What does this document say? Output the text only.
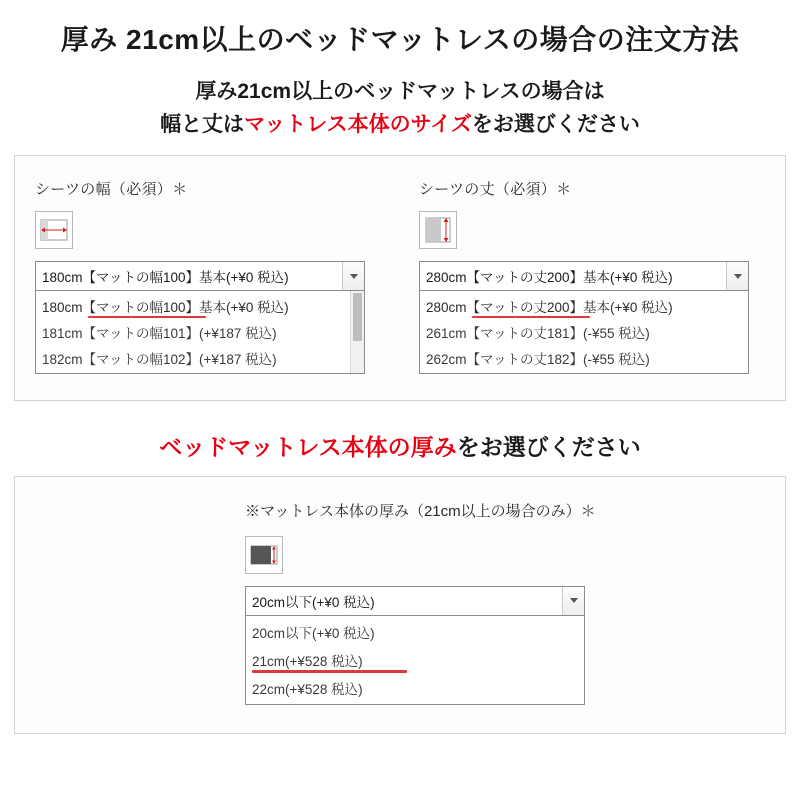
厚み 21cm以上のベッドマットレスの場合の注文方法
厚み21cm以上のベッドマットレスの場合は
幅と丈はマットレス本体のサイズをお選びください
シーツの幅（必須）＊
180cm【マットの幅100】基本(+¥0 税込)
180cm【マットの幅100】基本(+¥0 税込)
181cm【マットの幅101】(+¥187 税込)
182cm【マットの幅102】(+¥187 税込)
シーツの丈（必須）＊
280cm【マットの丈200】基本(+¥0 税込)
280cm【マットの丈200】基本(+¥0 税込)
261cm【マットの丈181】(-¥55 税込)
262cm【マットの丈182】(-¥55 税込)
ベッドマットレス本体の厚みをお選びください
※マットレス本体の厚み（21cm以上の場合のみ）＊
20cm以下(+¥0 税込)
20cm以下(+¥0 税込)
21cm(+¥528 税込)
22cm(+¥528 税込)
